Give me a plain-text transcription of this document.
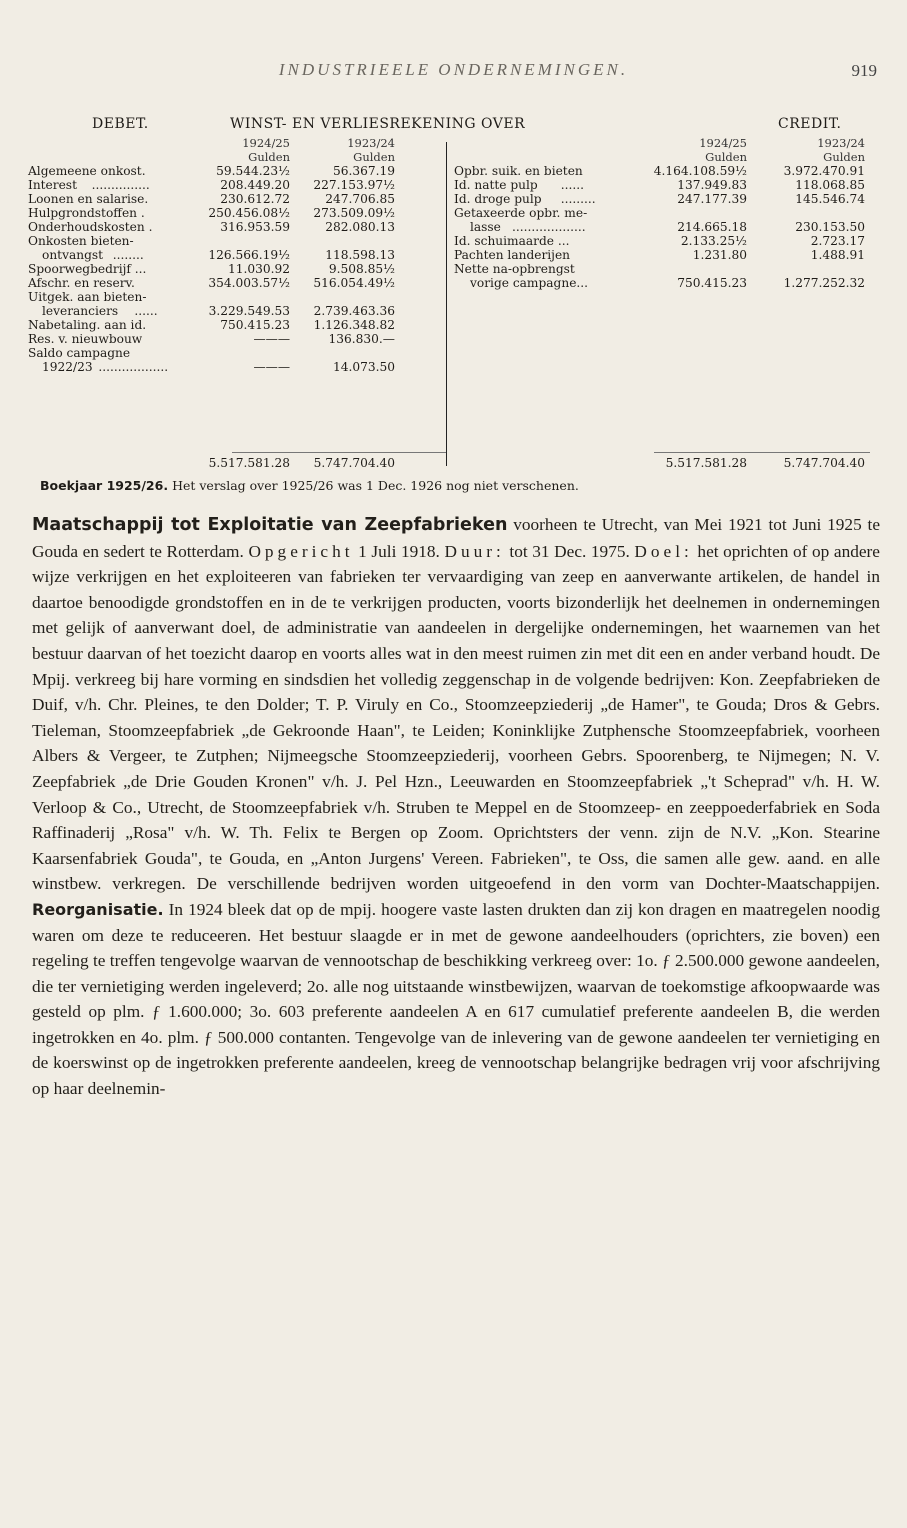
INDUSTRIEELE ONDERNEMINGEN.	919
DEBET.	WINST- EN VERLIESREKENING OVER	CREDIT.
1924/25	1923/24	1924/25	1923/24
Gulden	Gulden	Gulden	Gulden
Algemeene onkost.	59.544.23½	56.367.19
Interest ...............	208.449.20	227.153.97½
Loonen en salarise.	230.612.72	247.706.85
Hulpgrondstoffen .	250.456.08½	273.509.09½
Onderhoudskosten .	316.953.59	282.080.13
Onkosten bieten-
ontvangst ........	126.566.19½	118.598.13
Spoorwegbedrijf ...	11.030.92	9.508.85½
Afschr. en reserv.	354.003.57½	516.054.49½
Uitgek. aan bieten-
leveranciers ......	3.229.549.53	2.739.463.36
Nabetaling. aan id.	750.415.23	1.126.348.82
Res. v. nieuwbouw	———	136.830.—
Saldo campagne
1922/23 ..................	———	14.073.50
Opbr. suik. en bieten	4.164.108.59½	3.972.470.91
Id. natte pulp ......	137.949.83	118.068.85
Id. droge pulp .........	247.177.39	145.546.74
Getaxeerde opbr. me-
lasse ...................	214.665.18	230.153.50
Id. schuimaarde ...	2.133.25½	2.723.17
Pachten landerijen	1.231.80	1.488.91
Nette na-opbrengst
vorige campagne...	750.415.23	1.277.252.32
5.517.581.28	5.747.704.40	5.517.581.28	5.747.704.40
Boekjaar 1925/26. Het verslag over 1925/26 was 1 Dec. 1926 nog niet verschenen.
Maatschappij tot Exploitatie van Zeepfabrieken voorheen te Utrecht, van Mei 1921 tot Juni 1925 te Gouda en sedert te Rotterdam. Opgericht 1 Juli 1918. Duur: tot 31 Dec. 1975. Doel: het oprichten of op andere wijze verkrijgen en het exploiteeren van fabrieken ter vervaardiging van zeep en aanverwante artikelen, de handel in daartoe benoodigde grondstoffen en in de te verkrijgen producten, voorts bizonderlijk het deelnemen in ondernemingen met gelijk of aanverwant doel, de administratie van aandeelen in dergelijke ondernemingen, het waarnemen van het bestuur daarvan of het toezicht daarop en voorts alles wat in den meest ruimen zin met dit een en ander verband houdt. De Mpij. verkreeg bij hare vorming en sindsdien het volledig zeggenschap in de volgende bedrijven: Kon. Zeepfabrieken de Duif, v/h. Chr. Pleines, te den Dolder; T. P. Viruly en Co., Stoomzeepziederij „de Hamer", te Gouda; Dros & Gebrs. Tieleman, Stoomzeepfabriek „de Gekroonde Haan", te Leiden; Koninklijke Zutphensche Stoomzeepfabriek, voorheen Albers & Vergeer, te Zutphen; Nijmeegsche Stoomzeepziederij, voorheen Gebrs. Spoorenberg, te Nijmegen; N. V. Zeepfabriek „de Drie Gouden Kronen" v/h. J. Pel Hzn., Leeuwarden en Stoomzeepfabriek „'t Scheprad" v/h. H. W. Verloop & Co., Utrecht, de Stoomzeepfabriek v/h. Struben te Meppel en de Stoomzeep- en zeeppoederfabriek en Soda Raffinaderij „Rosa" v/h. W. Th. Felix te Bergen op Zoom. Oprichtsters der venn. zijn de N.V. „Kon. Stearine Kaarsenfabriek Gouda", te Gouda, en „Anton Jurgens' Vereen. Fabrieken", te Oss, die samen alle gew. aand. en alle winstbew. verkregen. De verschillende bedrijven worden uitgeoefend in den vorm van Dochter-Maatschappijen. Reorganisatie. In 1924 bleek dat op de mpij. hoogere vaste lasten drukten dan zij kon dragen en maatregelen noodig waren om deze te reduceeren. Het bestuur slaagde er in met de gewone aandeelhouders (oprichters, zie boven) een regeling te treffen tengevolge waarvan de vennootschap de beschikking verkreeg over: 1o. ƒ 2.500.000 gewone aandeelen, die ter vernietiging werden ingeleverd; 2o. alle nog uitstaande winstbewijzen, waarvan de toekomstige afkoopwaarde was gesteld op plm. ƒ 1.600.000; 3o. 603 preferente aandeelen A en 617 cumulatief preferente aandeelen B, die werden ingetrokken en 4o. plm. ƒ 500.000 contanten. Tengevolge van de inlevering van de gewone aandeelen ter vernietiging en de koerswinst op de ingetrokken preferente aandeelen, kreeg de vennootschap belangrijke bedragen vrij voor afschrijving op haar deelnemin-
